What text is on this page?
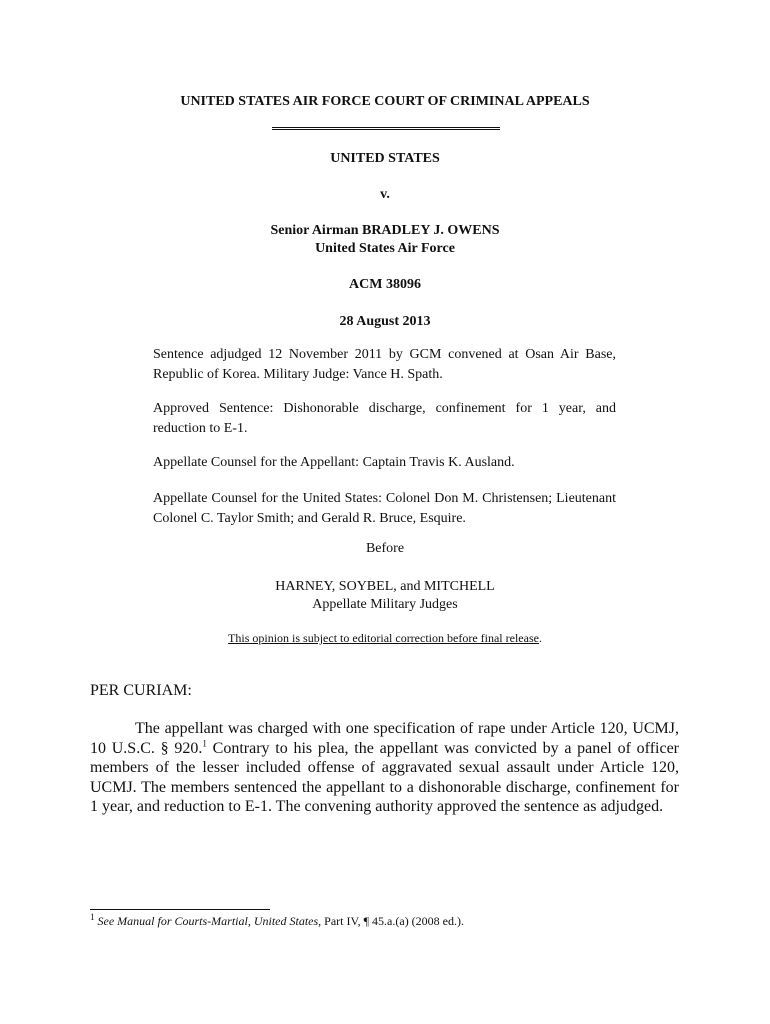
UNITED STATES AIR FORCE COURT OF CRIMINAL APPEALS
UNITED STATES
v.
Senior Airman BRADLEY J. OWENS
United States Air Force
ACM 38096
28 August 2013
Sentence adjudged 12 November 2011 by GCM convened at Osan Air Base, Republic of Korea. Military Judge: Vance H. Spath.
Approved Sentence: Dishonorable discharge, confinement for 1 year, and reduction to E-1.
Appellate Counsel for the Appellant: Captain Travis K. Ausland.
Appellate Counsel for the United States: Colonel Don M. Christensen; Lieutenant Colonel C. Taylor Smith; and Gerald R. Bruce, Esquire.
Before
HARNEY, SOYBEL, and MITCHELL
Appellate Military Judges
This opinion is subject to editorial correction before final release.
PER CURIAM:
The appellant was charged with one specification of rape under Article 120, UCMJ, 10 U.S.C. § 920.$^1$ Contrary to his plea, the appellant was convicted by a panel of officer members of the lesser included offense of aggravated sexual assault under Article 120, UCMJ. The members sentenced the appellant to a dishonorable discharge, confinement for 1 year, and reduction to E-1. The convening authority approved the sentence as adjudged.
$^1$ See Manual for Courts-Martial, United States, Part IV, ¶ 45.a.(a) (2008 ed.).
